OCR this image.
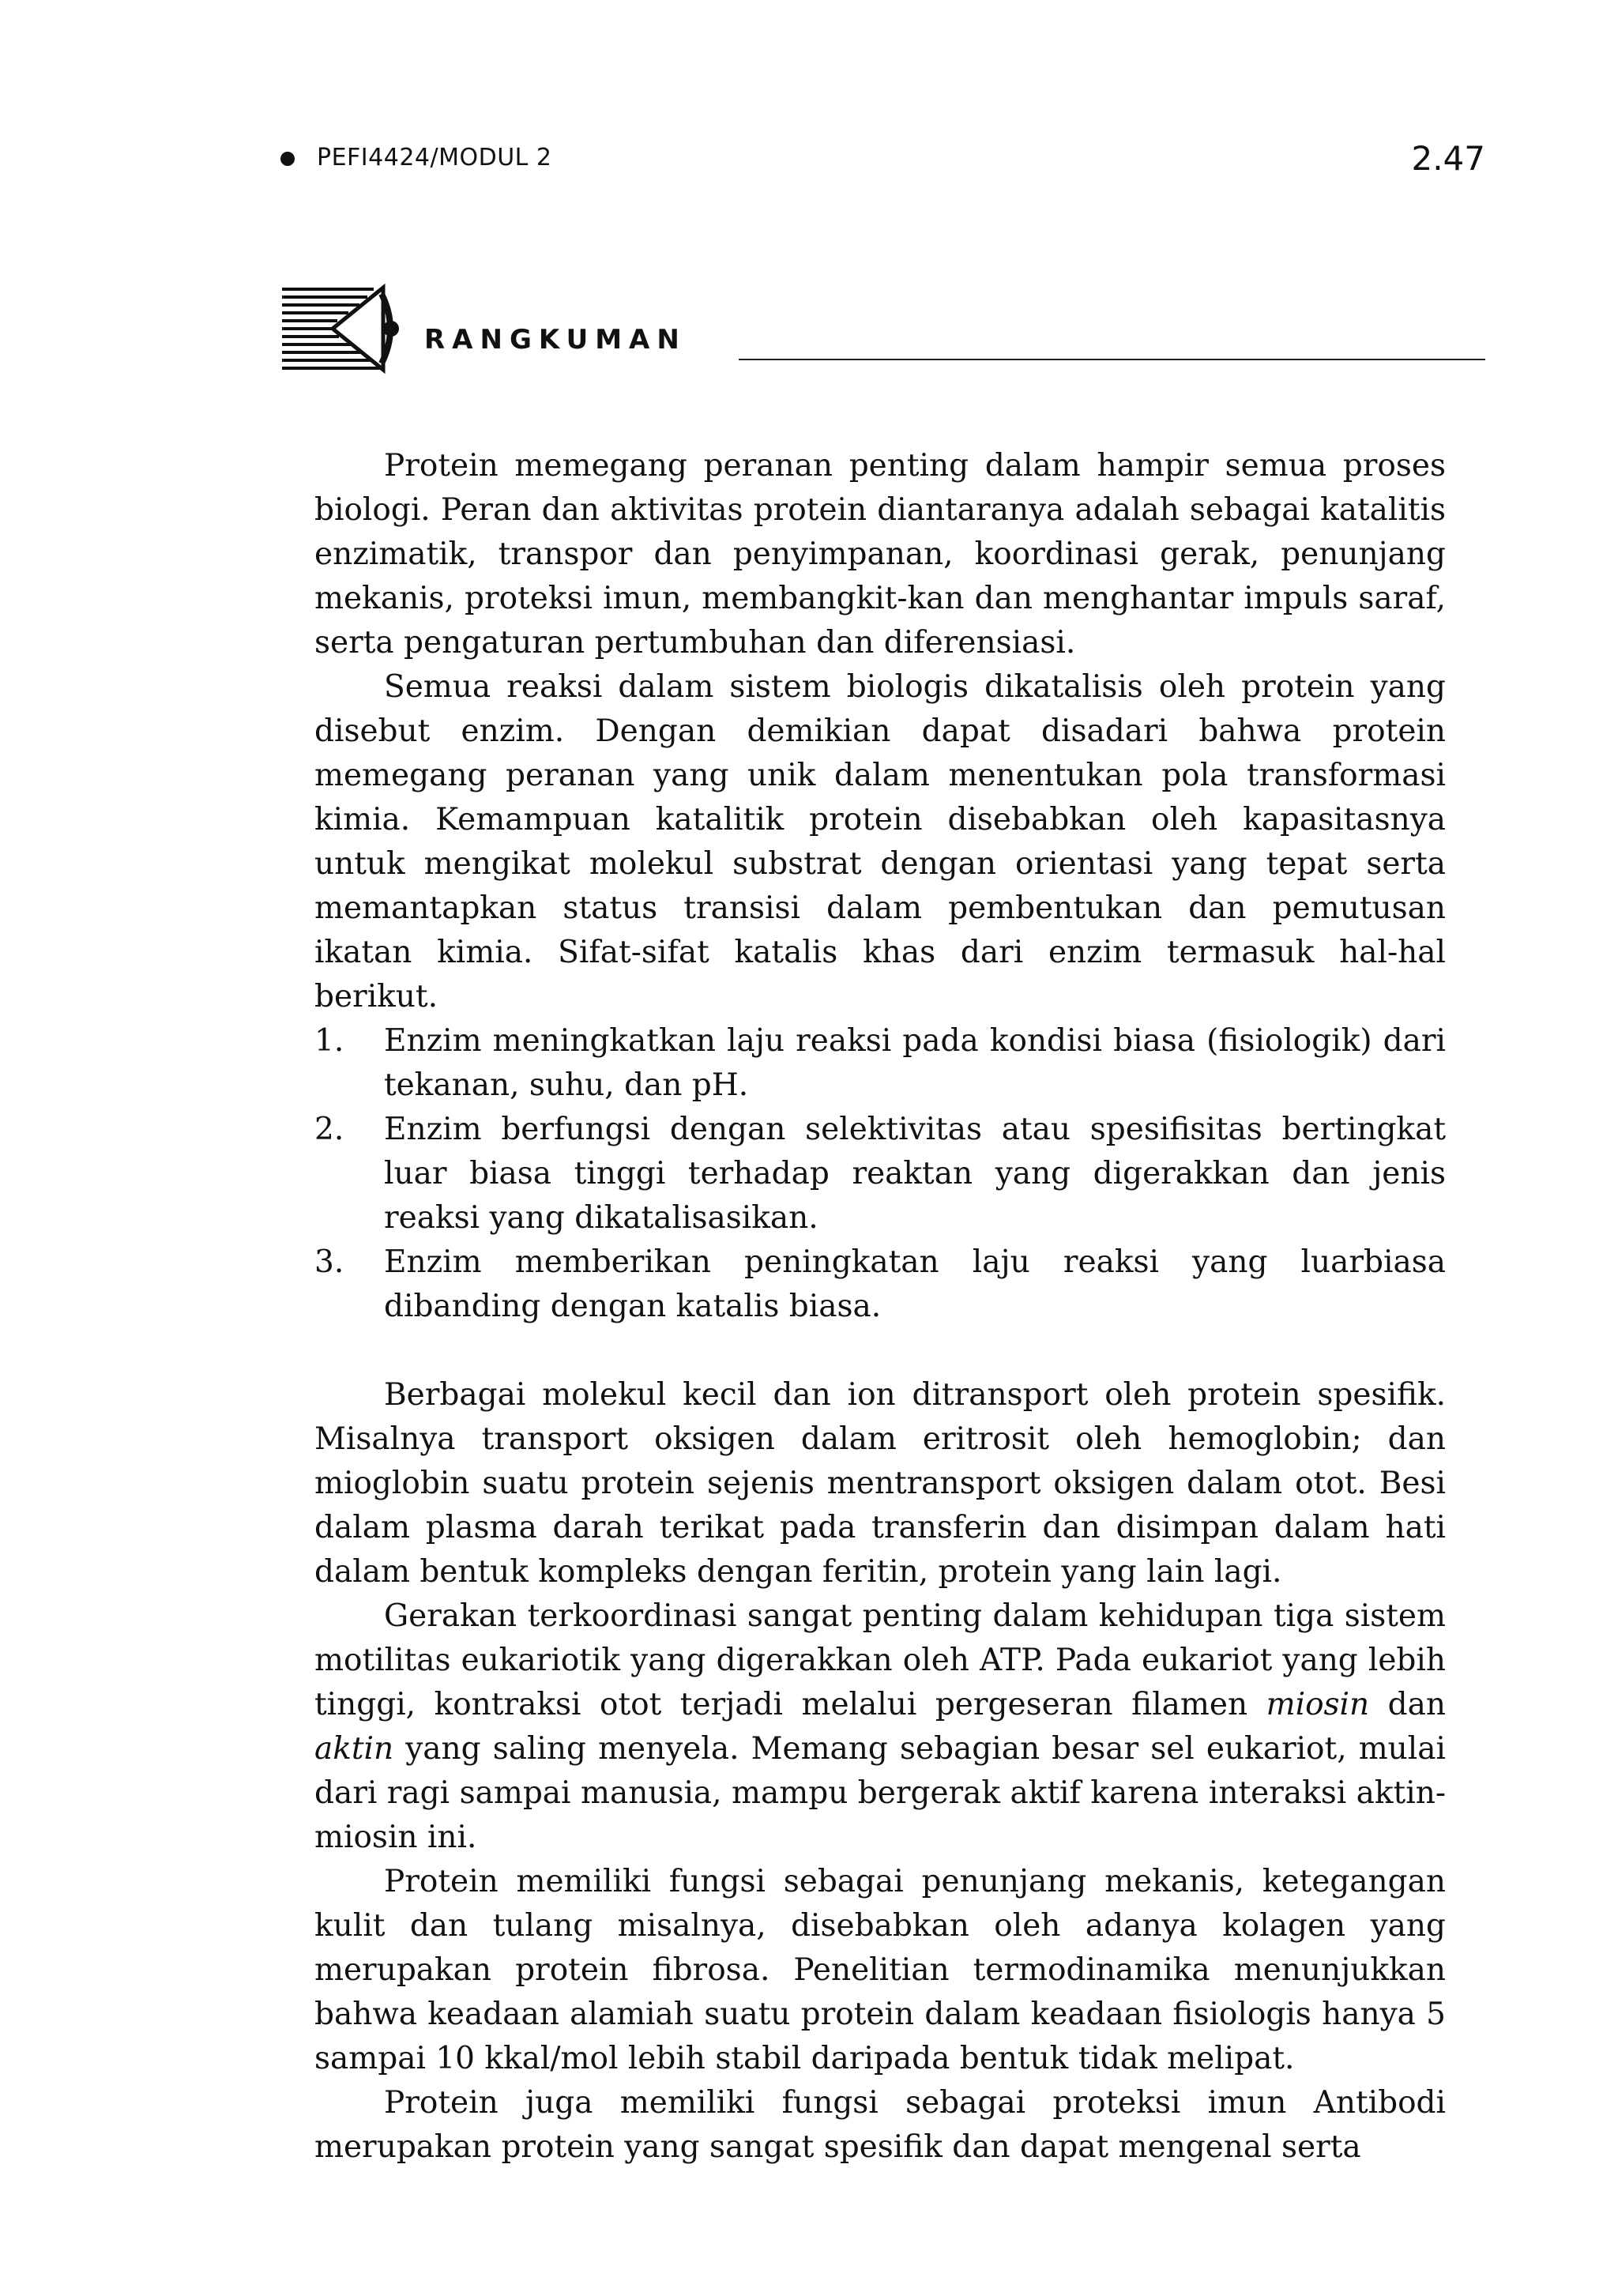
PEFI4424/MODUL 2	2.47
RANGKUMAN

Protein memegang peranan penting dalam hampir semua proses biologi. Peran dan aktivitas protein diantaranya adalah sebagai katalitis enzimatik, transpor dan penyimpanan, koordinasi gerak, penunjang mekanis, proteksi imun, membangkit-kan dan menghantar impuls saraf, serta pengaturan pertumbuhan dan diferensiasi.

Semua reaksi dalam sistem biologis dikatalisis oleh protein yang disebut enzim. Dengan demikian dapat disadari bahwa protein memegang peranan yang unik dalam menentukan pola transformasi kimia. Kemampuan katalitik protein disebabkan oleh kapasitasnya untuk mengikat molekul substrat dengan orientasi yang tepat serta memantapkan status transisi dalam pembentukan dan pemutusan ikatan kimia. Sifat-sifat katalis khas dari enzim termasuk hal-hal berikut.

1. Enzim meningkatkan laju reaksi pada kondisi biasa (fisiologik) dari tekanan, suhu, dan pH.
2. Enzim berfungsi dengan selektivitas atau spesifisitas bertingkat luar biasa tinggi terhadap reaktan yang digerakkan dan jenis reaksi yang dikatalisasikan.
3. Enzim memberikan peningkatan laju reaksi yang luarbiasa dibanding dengan katalis biasa.

Berbagai molekul kecil dan ion ditransport oleh protein spesifik. Misalnya transport oksigen dalam eritrosit oleh hemoglobin; dan mioglobin suatu protein sejenis mentransport oksigen dalam otot. Besi dalam plasma darah terikat pada transferin dan disimpan dalam hati dalam bentuk kompleks dengan feritin, protein yang lain lagi.

Gerakan terkoordinasi sangat penting dalam kehidupan tiga sistem motilitas eukariotik yang digerakkan oleh ATP. Pada eukariot yang lebih tinggi, kontraksi otot terjadi melalui pergeseran filamen miosin dan aktin yang saling menyela. Memang sebagian besar sel eukariot, mulai dari ragi sampai manusia, mampu bergerak aktif karena interaksi aktin-miosin ini.

Protein memiliki fungsi sebagai penunjang mekanis, ketegangan kulit dan tulang misalnya, disebabkan oleh adanya kolagen yang merupakan protein fibrosa. Penelitian termodinamika menunjukkan bahwa keadaan alamiah suatu protein dalam keadaan fisiologis hanya 5 sampai 10 kkal/mol lebih stabil daripada bentuk tidak melipat.

Protein juga memiliki fungsi sebagai proteksi imun Antibodi merupakan protein yang sangat spesifik dan dapat mengenal serta
